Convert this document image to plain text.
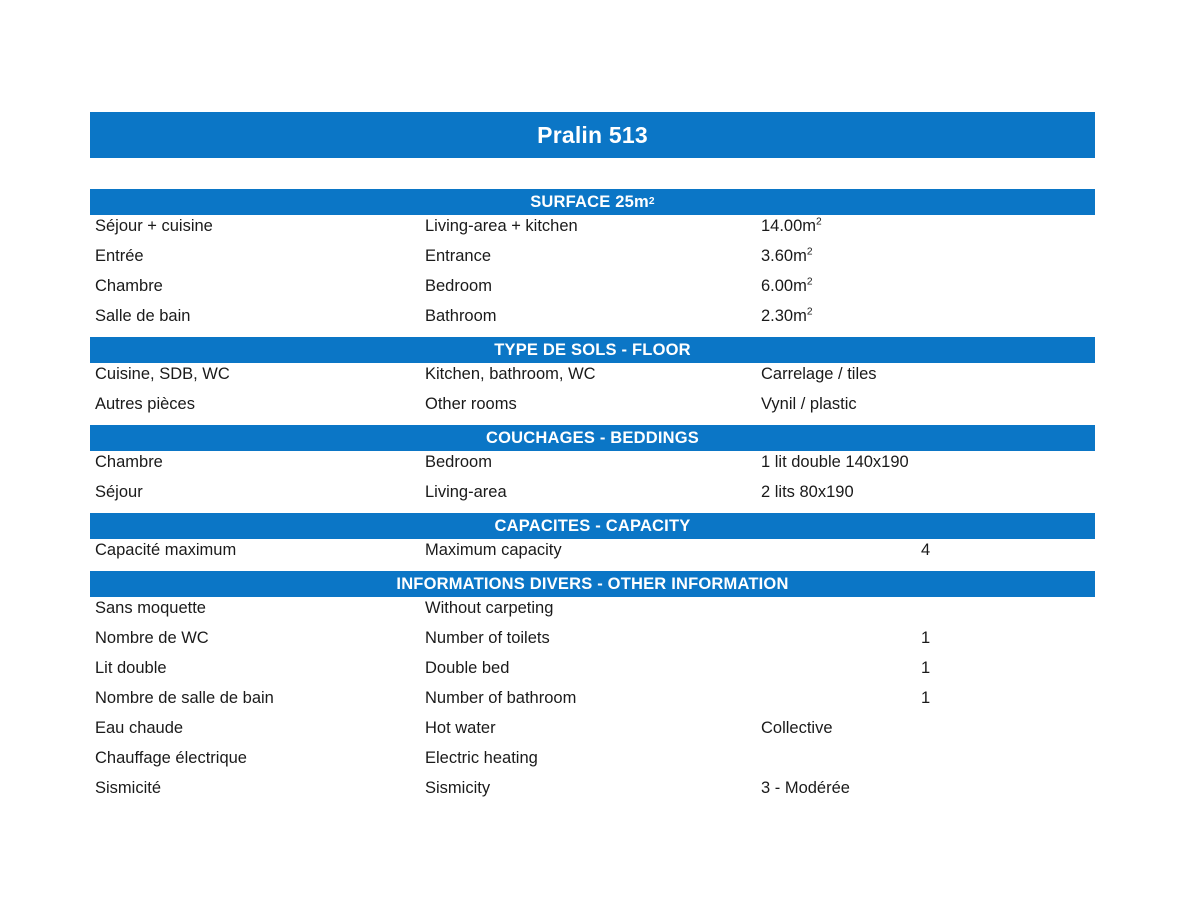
Pralin 513
SURFACE 25m 2
Séjour + cuisine	Living-area + kitchen	$14.00m^2$
Entrée	Entrance	$3.60m^2$
Chambre	Bedroom	$6.00m^2$
Salle de bain	Bathroom	$2.30m^2$
TYPE DE SOLS - FLOOR
Cuisine, SDB, WC	Kitchen, bathroom, WC	Carrelage / tiles
Autres pièces	Other rooms	Vynil / plastic
COUCHAGES - BEDDINGS
Chambre	Bedroom	1 lit double 140x190
Séjour	Living-area	2 lits 80x190
CAPACITES - CAPACITY
Capacité maximum	Maximum capacity	4
INFORMATIONS DIVERS - OTHER INFORMATION
Sans moquette	Without carpeting
Nombre de WC	Number of toilets	1
Lit double	Double bed	1
Nombre de salle de bain	Number of bathroom	1
Eau chaude	Hot water	Collective
Chauffage électrique	Electric heating
Sismicité	Sismicity	3 - Modérée
